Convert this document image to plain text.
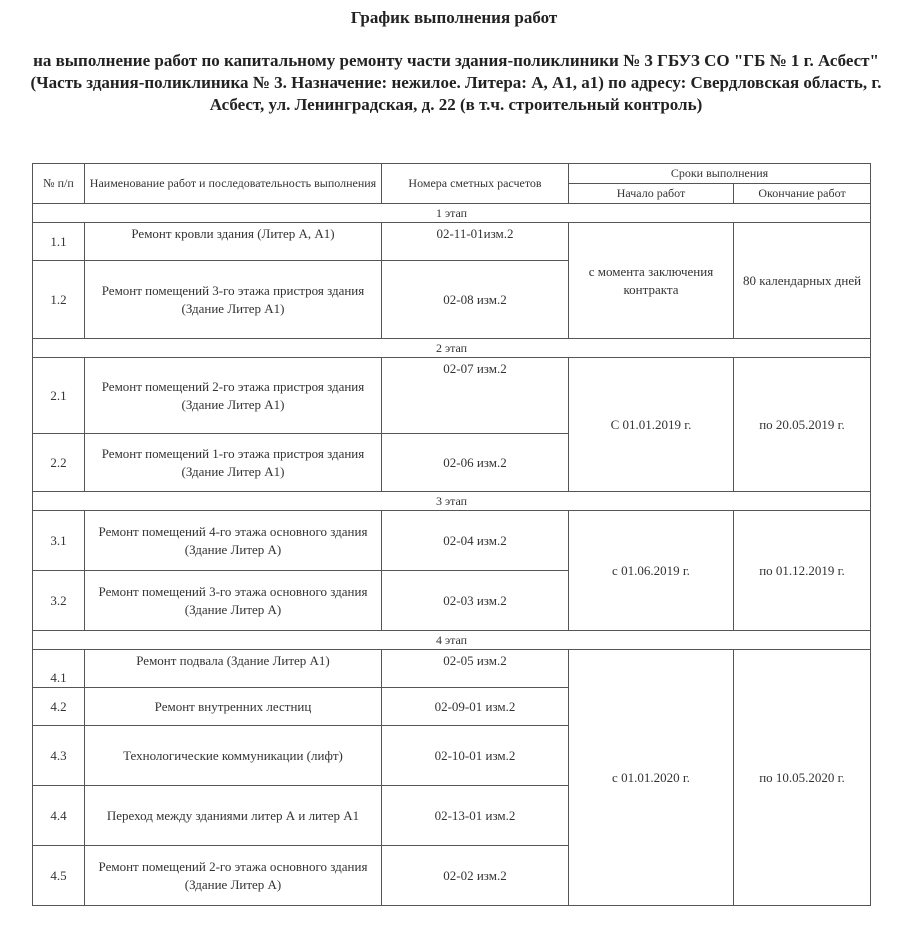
График выполнения работ
на выполнение работ по капитальному ремонту части здания-поликлиники № 3 ГБУЗ СО "ГБ № 1 г. Асбест" (Часть здания-поликлиника № 3. Назначение: нежилое. Литера: А, А1, а1) по адресу: Свердловская область, г. Асбест, ул. Ленинградская, д. 22 (в т.ч. строительный контроль)
№ п/п	Наименование работ и последовательность выполнения	Номера сметных расчетов	Сроки выполнения	
			Начало работ	Окончание работ
1 этап				
1.1	Ремонт кровли здания (Литер А, А1)	02-11-01изм.2	с момента заключения контракта	80 календарных дней
1.2	Ремонт помещений 3-го этажа пристроя здания (Здание Литер А1)	02-08 изм.2		
2 этап				
2.1	Ремонт помещений 2-го этажа пристроя здания (Здание Литер А1)	02-07 изм.2	С 01.01.2019 г.	по 20.05.2019 г.
2.2	Ремонт помещений 1-го этажа пристроя здания (Здание Литер А1)	02-06 изм.2		
3 этап				
3.1	Ремонт помещений 4-го этажа основного здания (Здание Литер А)	02-04 изм.2	с 01.06.2019 г.	по 01.12.2019 г.
3.2	Ремонт помещений 3-го этажа основного здания (Здание Литер А)	02-03 изм.2		
4 этап				
4.1	Ремонт подвала (Здание Литер А1)	02-05 изм.2	с 01.01.2020 г.	по 10.05.2020 г.
4.2	Ремонт внутренних лестниц	02-09-01 изм.2		
4.3	Технологические коммуникации (лифт)	02-10-01 изм.2		
4.4	Переход между зданиями литер А и литер А1	02-13-01 изм.2		
4.5	Ремонт помещений 2-го этажа основного здания (Здание Литер А)	02-02 изм.2		
